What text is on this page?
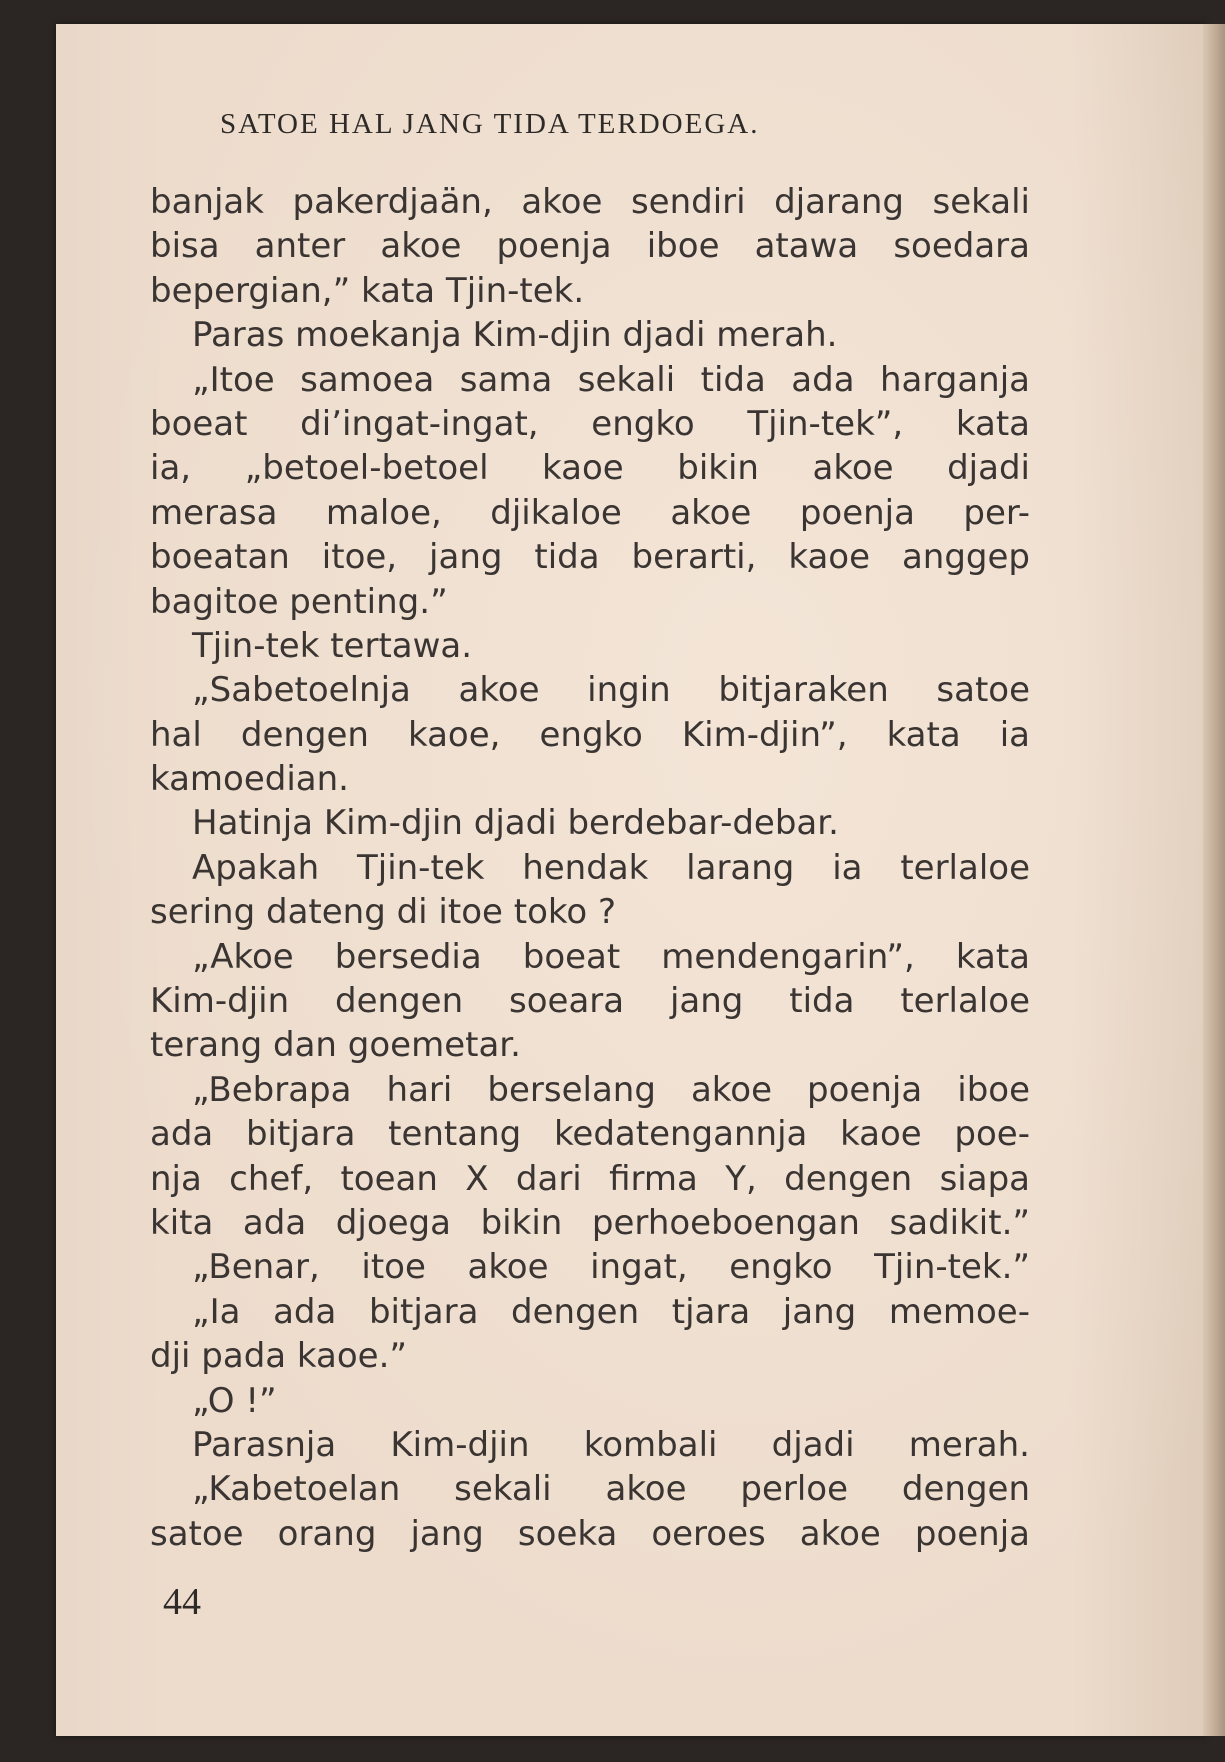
SATOE HAL JANG TIDA TERDOEGA.
banjak pakerdjaän, akoe sendiri djarang sekali
bisa anter akoe poenja iboe atawa soedara
bepergian,” kata Tjin-tek.
Paras moekanja Kim-djin djadi merah.
„Itoe samoea sama sekali tida ada harganja
boeat di’ingat-ingat, engko Tjin-tek”, kata
ia, „betoel-betoel kaoe bikin akoe djadi
merasa maloe, djikaloe akoe poenja per-
boeatan itoe, jang tida berarti, kaoe anggep
bagitoe penting.”
Tjin-tek tertawa.
„Sabetoelnja akoe ingin bitjaraken satoe
hal dengen kaoe, engko Kim-djin”, kata ia
kamoedian.
Hatinja Kim-djin djadi berdebar-debar.
Apakah Tjin-tek hendak larang ia terlaloe
sering dateng di itoe toko ?
„Akoe bersedia boeat mendengarin”, kata
Kim-djin dengen soeara jang tida terlaloe
terang dan goemetar.
„Bebrapa hari berselang akoe poenja iboe
ada bitjara tentang kedatengannja kaoe poe-
nja chef, toean X dari firma Y, dengen siapa
kita ada djoega bikin perhoeboengan sadikit.”
„Benar, itoe akoe ingat, engko Tjin-tek.”
„Ia ada bitjara dengen tjara jang memoe-
dji pada kaoe.”
„O !”
Parasnja Kim-djin kombali djadi merah.
„Kabetoelan sekali akoe perloe dengen
satoe orang jang soeka oeroes akoe poenja
44
